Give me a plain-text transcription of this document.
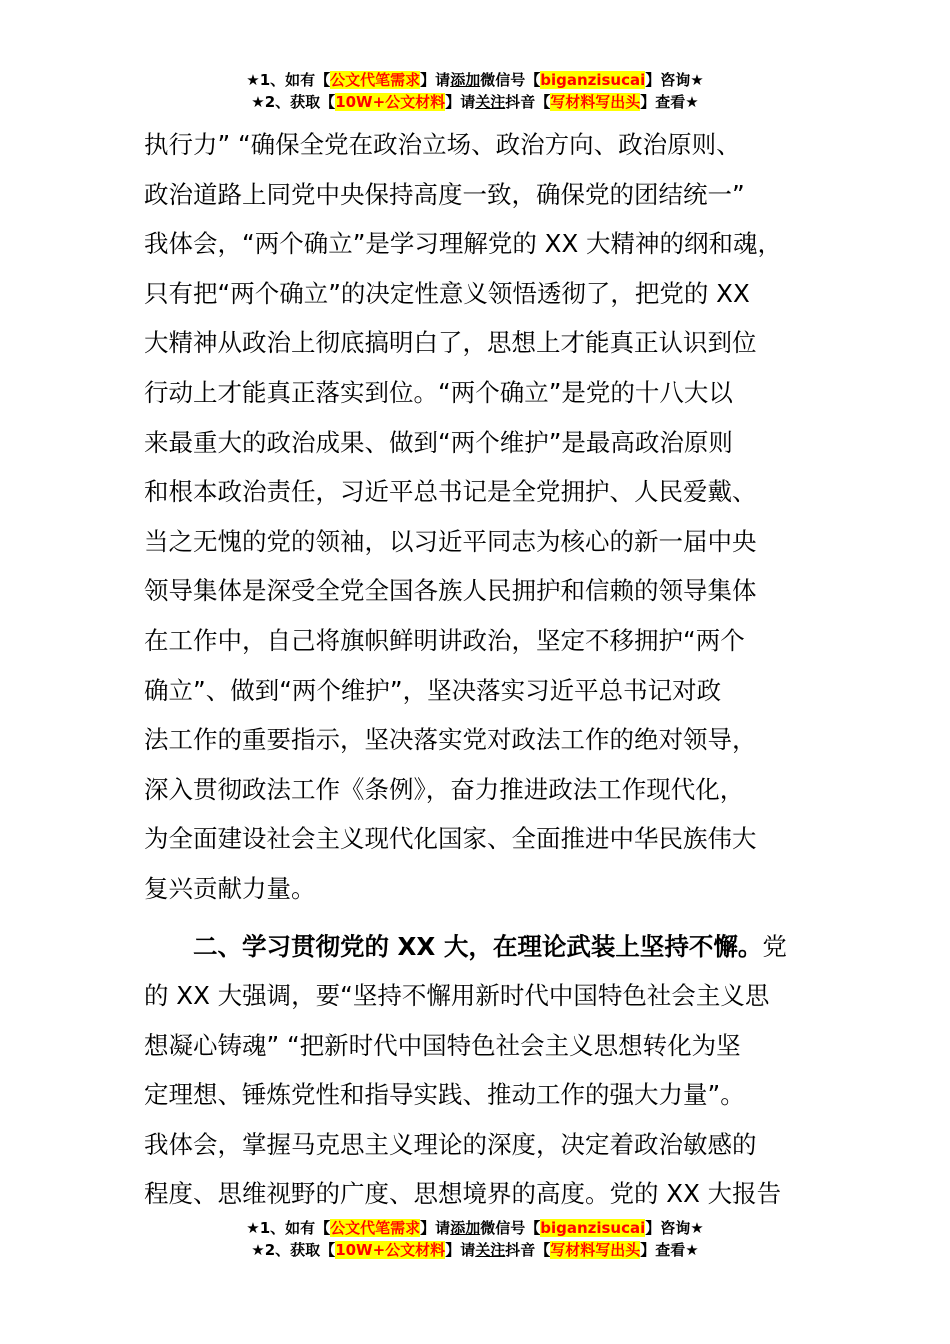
★1、如有【公文代笔需求】请添加微信号【biganzisucai】咨询★
★2、获取【10W+公文材料】请关注抖音【写材料写出头】查看★
执行力” “确保全党在政治立场、政治方向、政治原则、
政治道路上同党中央保持高度一致，确保党的团结统一”
我体会，“两个确立”是学习理解党的 XX 大精神的纲和魂，
只有把“两个确立”的决定性意义领悟透彻了，把党的 XX
大精神从政治上彻底搞明白了，思想上才能真正认识到位
行动上才能真正落实到位。“两个确立”是党的十八大以
来最重大的政治成果、做到“两个维护”是最高政治原则
和根本政治责任，习近平总书记是全党拥护、人民爱戴、
当之无愧的党的领袖，以习近平同志为核心的新一届中央
领导集体是深受全党全国各族人民拥护和信赖的领导集体
在工作中，自己将旗帜鲜明讲政治，坚定不移拥护“两个
确立”、做到“两个维护”，坚决落实习近平总书记对政
法工作的重要指示，坚决落实党对政法工作的绝对领导，
深入贯彻政法工作《条例》，奋力推进政法工作现代化，
为全面建设社会主义现代化国家、全面推进中华民族伟大
复兴贡献力量。
二、学习贯彻党的 XX 大，在理论武装上坚持不懈。党
的 XX 大强调，要“坚持不懈用新时代中国特色社会主义思
想凝心铸魂” “把新时代中国特色社会主义思想转化为坚
定理想、锤炼党性和指导实践、推动工作的强大力量”。
我体会，掌握马克思主义理论的深度，决定着政治敏感的
程度、思维视野的广度、思想境界的高度。党的 XX 大报告
★1、如有【公文代笔需求】请添加微信号【biganzisucai】咨询★
★2、获取【10W+公文材料】请关注抖音【写材料写出头】查看★
